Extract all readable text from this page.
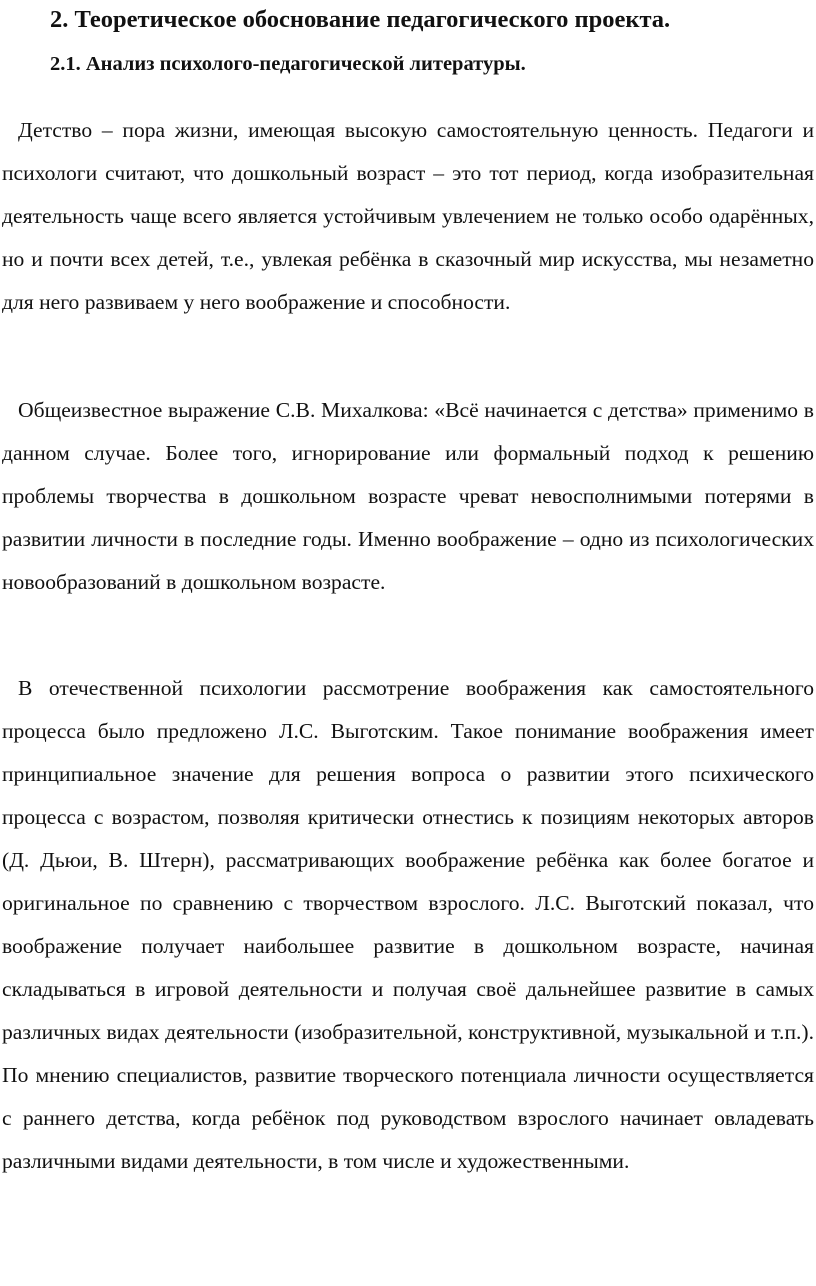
2. Теоретическое обоснование педагогического проекта.
2.1. Анализ психолого-педагогической литературы.

Детство – пора жизни, имеющая высокую самостоятельную ценность. Педагоги и психологи считают, что дошкольный возраст – это тот период, когда изобразительная деятельность чаще всего является устойчивым увлечением не только особо одарённых, но и почти всех детей, т.е., увлекая ребёнка в сказочный мир искусства, мы незаметно для него развиваем у него воображение и способности.

Общеизвестное выражение С.В. Михалкова: «Всё начинается с детства» применимо в данном случае. Более того, игнорирование или формальный подход к решению проблемы творчества в дошкольном возрасте чреват невосполнимыми потерями в развитии личности в последние годы. Именно воображение – одно из психологических новообразований в дошкольном возрасте.

В отечественной психологии рассмотрение воображения как самостоятельного процесса было предложено Л.С. Выготским. Такое понимание воображения имеет принципиальное значение для решения вопроса о развитии этого психического процесса с возрастом, позволяя критически отнестись к позициям некоторых авторов (Д. Дьюи, В. Штерн), рассматривающих воображение ребёнка как более богатое и оригинальное по сравнению с творчеством взрослого. Л.С. Выготский показал, что воображение получает наибольшее развитие в дошкольном возрасте, начиная складываться в игровой деятельности и получая своё дальнейшее развитие в самых различных видах деятельности (изобразительной, конструктивной, музыкальной и т.п.). По мнению специалистов, развитие творческого потенциала личности осуществляется с раннего детства, когда ребёнок под руководством взрослого начинает овладевать различными видами деятельности, в том числе и художественными.
